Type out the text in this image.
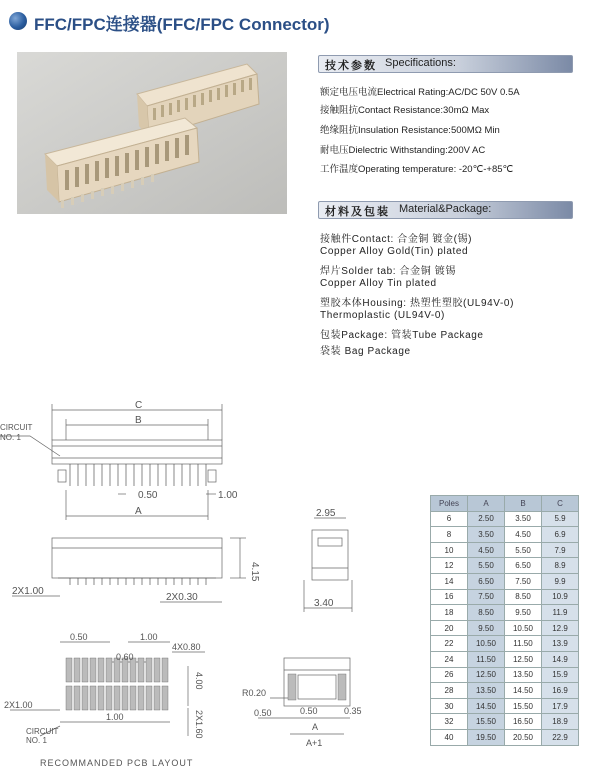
FFC/FPC连接器(FFC/FPC Connector)
技术参数 Specifications:
额定电压电流Electrical Rating:AC/DC 50V 0.5A
接触阻抗Contact Resistance:30mΩ Max
绝缘阻抗Insulation Resistance:500MΩ Min
耐电压Dielectric Withstanding:200V AC
工作温度Operating temperature: -20℃-+85℃
材料及包装 Material&Package:
接触件Contact: 合金铜 镀金(锡)
Copper Alloy Gold(Tin) plated
焊片Solder tab: 合金铜 镀锡
Copper Alloy Tin plated
塑胶本体Housing: 热塑性塑胶(UL94V-0)
Thermoplastic (UL94V-0)
包装Package: 管装Tube Package
袋装 Bag Package
CIRCUIT
NO. 1
C
B
A
0.50	1.00
4.15
2.95
3.40
2X1.00
2X0.30
0.50	1.00
0.60
4X0.80
4.00
2X1.00
1.00	2X1.60
CIRCUIT
NO. 1
RECOMMANDED PCB LAYOUT
R0.20
0.50	0.50	0.35
A
A+1
Poles	A	B	C
6	2.50	3.50	5.9
8	3.50	4.50	6.9
10	4.50	5.50	7.9
12	5.50	6.50	8.9
14	6.50	7.50	9.9
16	7.50	8.50	10.9
18	8.50	9.50	11.9
20	9.50	10.50	12.9
22	10.50	11.50	13.9
24	11.50	12.50	14.9
26	12.50	13.50	15.9
28	13.50	14.50	16.9
30	14.50	15.50	17.9
32	15.50	16.50	18.9
40	19.50	20.50	22.9
